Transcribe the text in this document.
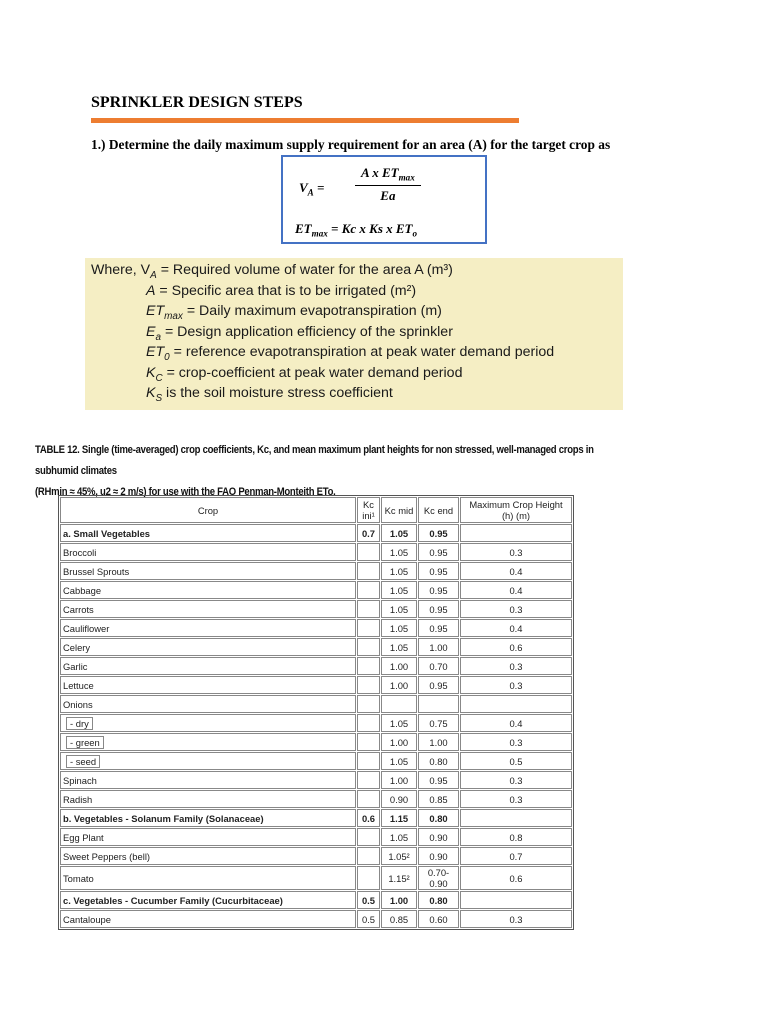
SPRINKLER DESIGN STEPS
1.) Determine the daily maximum supply requirement for an area (A) for the target crop as
$V_A$ =
A x $ET_{max}$
Ea
$ET_{max} = Kc$ x Ks x $ET_o$
Where, $V_A$ = Required volume of water for the area A (m³)
A = Specific area that is to be irrigated (m²)
$ET_{max}$ = Daily maximum evapotranspiration (m)
$E_a$ = Design application efficiency of the sprinkler
$ET_0$ = reference evapotranspiration at peak water demand period
$K_C$ = crop-coefficient at peak water demand period
$K_S$ is the soil moisture stress coefficient
TABLE 12. Single (time-averaged) crop coefficients, Kc, and mean maximum plant heights for non stressed, well-managed crops in subhumid climates
(RHmin ≈ 45%, u2 ≈ 2 m/s) for use with the FAO Penman-Monteith ETo.
Crop	Kc ini¹	Kc mid	Kc end	Maximum Crop Height (h) (m)
a. Small Vegetables	0.7	1.05	0.95	
Broccoli		1.05	0.95	0.3
Brussel Sprouts		1.05	0.95	0.4
Cabbage		1.05	0.95	0.4
Carrots		1.05	0.95	0.3
Cauliflower		1.05	0.95	0.4
Celery		1.05	1.00	0.6
Garlic		1.00	0.70	0.3
Lettuce		1.00	0.95	0.3
Onions				
- dry		1.05	0.75	0.4
- green		1.00	1.00	0.3
- seed		1.05	0.80	0.5
Spinach		1.00	0.95	0.3
Radish		0.90	0.85	0.3
b. Vegetables - Solanum Family (Solanaceae)	0.6	1.15	0.80	
Egg Plant		1.05	0.90	0.8
Sweet Peppers (bell)		1.05²	0.90	0.7
Tomato		1.15²	0.70-0.90	0.6
c. Vegetables - Cucumber Family (Cucurbitaceae)	0.5	1.00	0.80	
Cantaloupe	0.5	0.85	0.60	0.3
